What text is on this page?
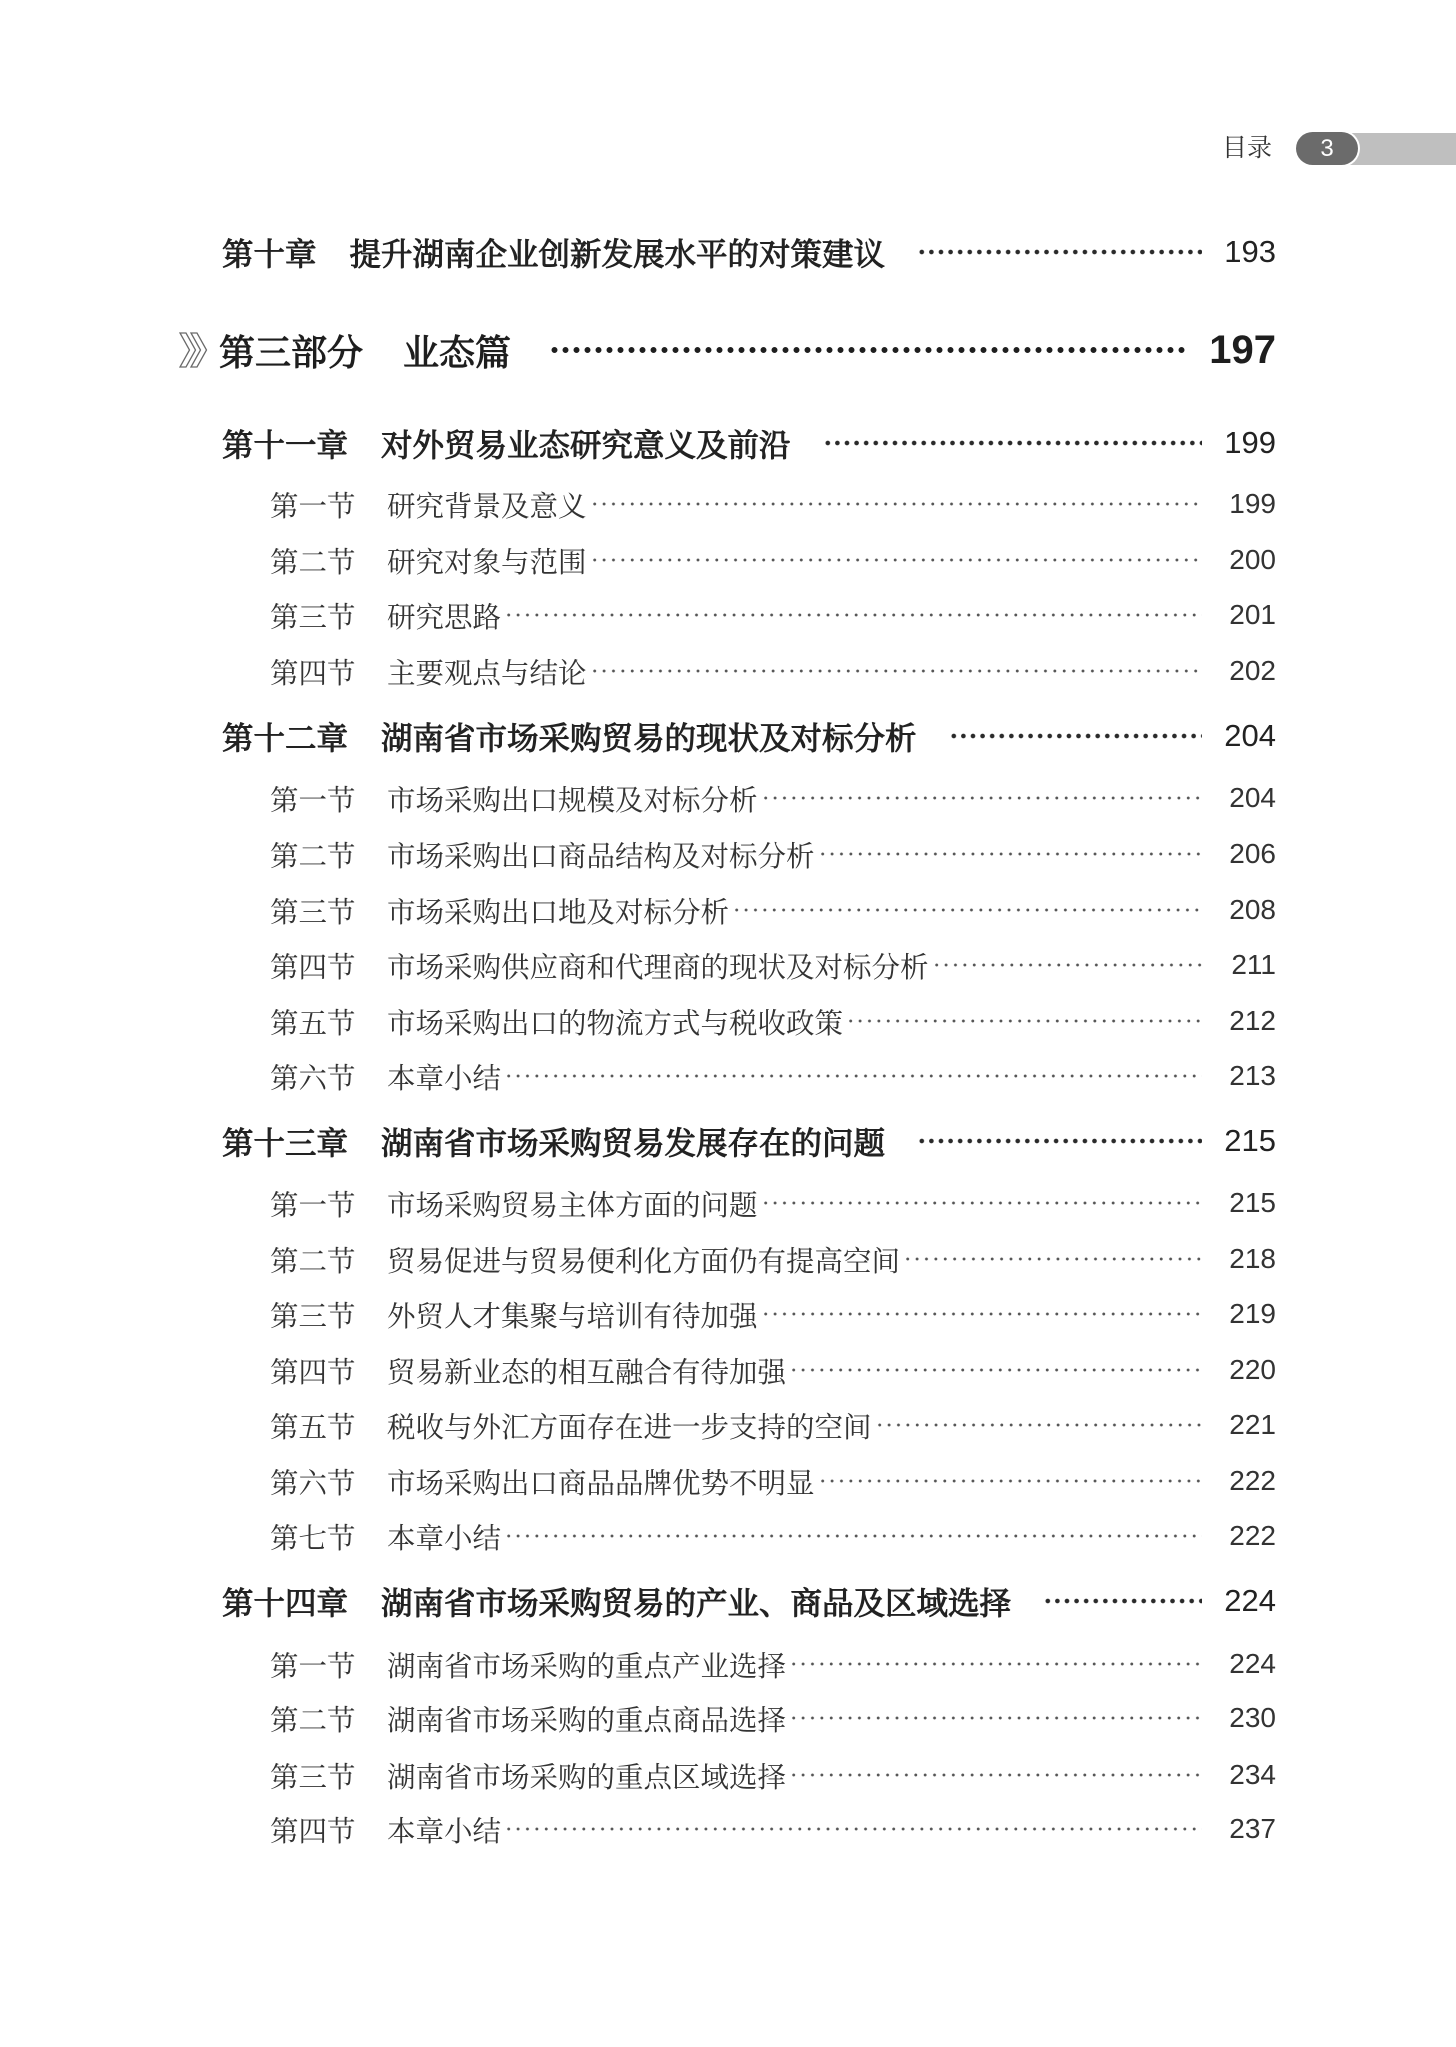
目录	3
第十章 提升湖南企业创新发展水平的对策建议	193
第三部分 业态篇	197
第十一章 对外贸易业态研究意义及前沿	199
第一节	研究背景及意义	199
第二节	研究对象与范围	200
第三节	研究思路	201
第四节	主要观点与结论	202
第十二章 湖南省市场采购贸易的现状及对标分析	204
第一节	市场采购出口规模及对标分析	204
第二节	市场采购出口商品结构及对标分析	206
第三节	市场采购出口地及对标分析	208
第四节	市场采购供应商和代理商的现状及对标分析	211
第五节	市场采购出口的物流方式与税收政策	212
第六节	本章小结	213
第十三章 湖南省市场采购贸易发展存在的问题	215
第一节	市场采购贸易主体方面的问题	215
第二节	贸易促进与贸易便利化方面仍有提高空间	218
第三节	外贸人才集聚与培训有待加强	219
第四节	贸易新业态的相互融合有待加强	220
第五节	税收与外汇方面存在进一步支持的空间	221
第六节	市场采购出口商品品牌优势不明显	222
第七节	本章小结	222
第十四章 湖南省市场采购贸易的产业、商品及区域选择	224
第一节	湖南省市场采购的重点产业选择	224
第二节	湖南省市场采购的重点商品选择	230
第三节	湖南省市场采购的重点区域选择	234
第四节	本章小结	237
